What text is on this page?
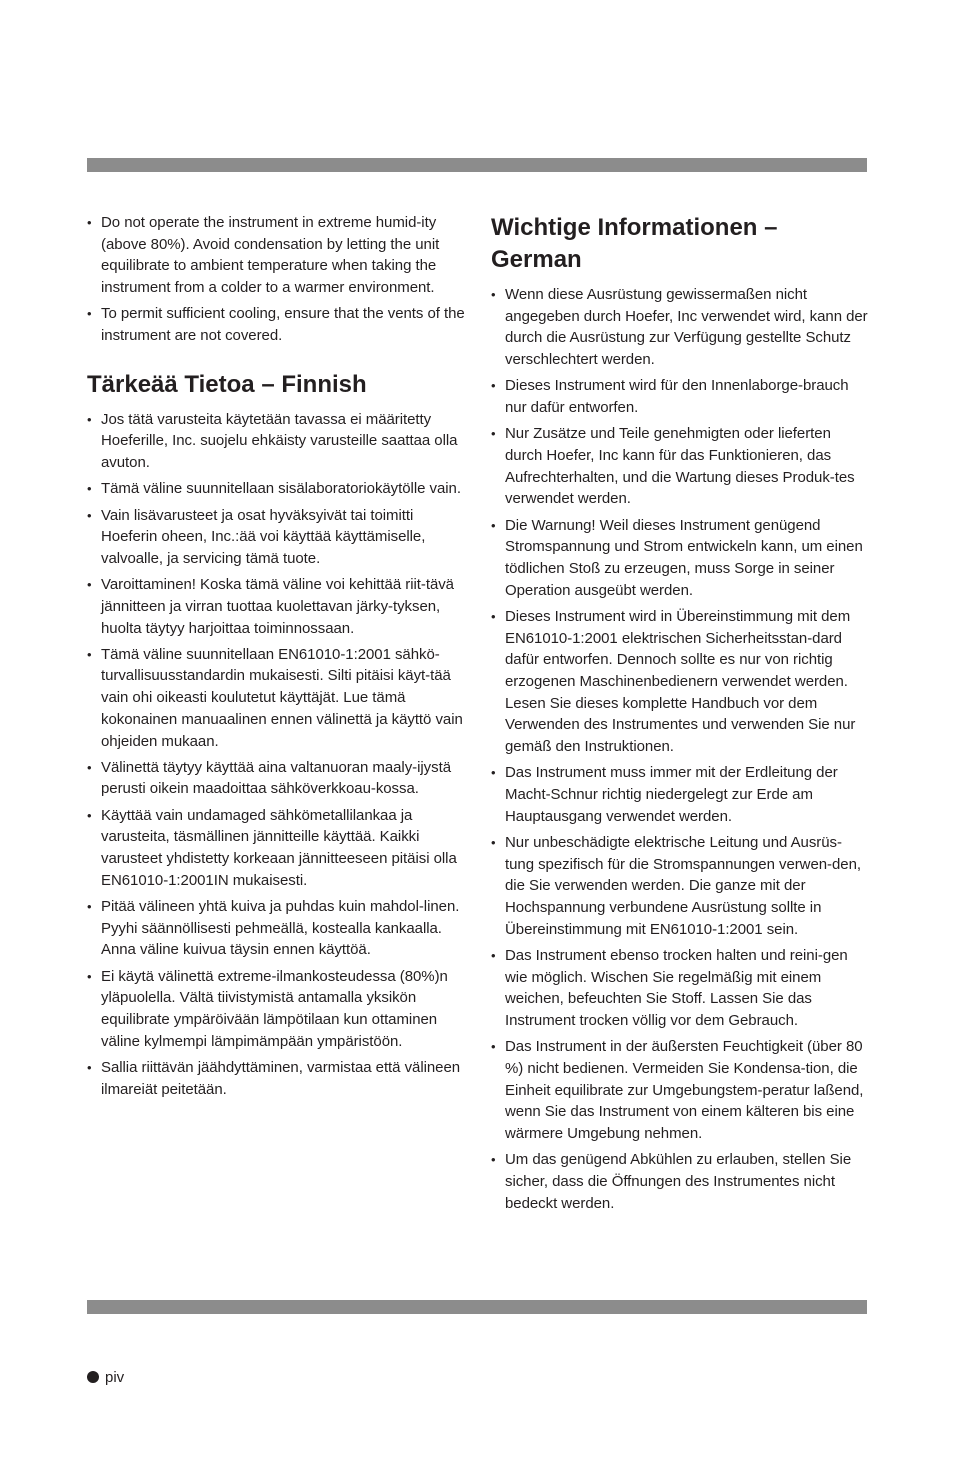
• Do not operate the instrument in extreme humid-ity (above 80%). Avoid condensation by letting the unit equilibrate to ambient temperature when taking the instrument from a colder to a warmer environment.
• To permit sufficient cooling, ensure that the vents of the instrument are not covered.
Tärkeää Tietoa – Finnish
• Jos tätä varusteita käytetään tavassa ei määritetty Hoeferille, Inc. suojelu ehkäisty varusteille saattaa olla avuton.
• Tämä väline suunnitellaan sisälaboratoriokäytölle vain.
• Vain lisävarusteet ja osat hyväksyivät tai toimitti Hoeferin oheen, Inc.:ää voi käyttää käyttämiselle, valvoalle, ja servicing tämä tuote.
• Varoittaminen! Koska tämä väline voi kehittää riit-tävä jännitteen ja virran tuottaa kuolettavan järky-tyksen, huolta täytyy harjoittaa toiminnossaan.
• Tämä väline suunnitellaan EN61010-1:2001 sähkö-turvallisuusstandardin mukaisesti. Silti pitäisi käyt-tää vain ohi oikeasti koulutetut käyttäjät. Lue tämä kokonainen manuaalinen ennen välinettä ja käyttö vain ohjeiden mukaan.
• Välinettä täytyy käyttää aina valtanuoran maaly-ijystä perusti oikein maadoittaa sähköverkkoau-kossa.
• Käyttää vain undamaged sähkömetallilankaa ja varusteita, täsmällinen jännitteille käyttää. Kaikki varusteet yhdistetty korkeaan jännitteeseen pitäisi olla EN61010-1:2001IN mukaisesti.
• Pitää välineen yhtä kuiva ja puhdas kuin mahdol-linen. Pyyhi säännöllisesti pehmeällä, kostealla kankaalla. Anna väline kuivua täysin ennen käyttöä.
• Ei käytä välinettä extreme-ilmankosteudessa (80%)n yläpuolella. Vältä tiivistymistä antamalla yksikön equilibrate ympäröivään lämpötilaan kun ottaminen väline kylmempi lämpimämpään ympäristöön.
• Sallia riittävän jäähdyttäminen, varmistaa että välineen ilmareiät peitetään.
Wichtige Informationen – German
• Wenn diese Ausrüstung gewissermaßen nicht angegeben durch Hoefer, Inc verwendet wird, kann der durch die Ausrüstung zur Verfügung gestellte Schutz verschlechtert werden.
• Dieses Instrument wird für den Innenlaborge-brauch nur dafür entworfen.
• Nur Zusätze und Teile genehmigten oder lieferten durch Hoefer, Inc kann für das Funktionieren, das Aufrechterhalten, und die Wartung dieses Produk-tes verwendet werden.
• Die Warnung! Weil dieses Instrument genügend Stromspannung und Strom entwickeln kann, um einen tödlichen Stoß zu erzeugen, muss Sorge in seiner Operation ausgeübt werden.
• Dieses Instrument wird in Übereinstimmung mit dem EN61010-1:2001 elektrischen Sicherheitsstan-dard dafür entworfen. Dennoch sollte es nur von richtig erzogenen Maschinenbedienern verwendet werden. Lesen Sie dieses komplette Handbuch vor dem Verwenden des Instrumentes und verwenden Sie nur gemäß den Instruktionen.
• Das Instrument muss immer mit der Erdleitung der Macht-Schnur richtig niedergelegt zur Erde am Hauptausgang verwendet werden.
• Nur unbeschädigte elektrische Leitung und Ausrüs-tung spezifisch für die Stromspannungen verwen-den, die Sie verwenden werden. Die ganze mit der Hochspannung verbundene Ausrüstung sollte in Übereinstimmung mit EN61010-1:2001 sein.
• Das Instrument ebenso trocken halten und reini-gen wie möglich. Wischen Sie regelmäßig mit einem weichen, befeuchten Sie Stoff. Lassen Sie das Instrument trocken völlig vor dem Gebrauch.
• Das Instrument in der äußersten Feuchtigkeit (über 80 %) nicht bedienen. Vermeiden Sie Kondensa-tion, die Einheit equilibrate zur Umgebungstem-peratur laßend, wenn Sie das Instrument von einem kälteren bis eine wärmere Umgebung nehmen.
• Um das genügend Abkühlen zu erlauben, stellen Sie sicher, dass die Öffnungen des Instrumentes nicht bedeckt werden.
piv
